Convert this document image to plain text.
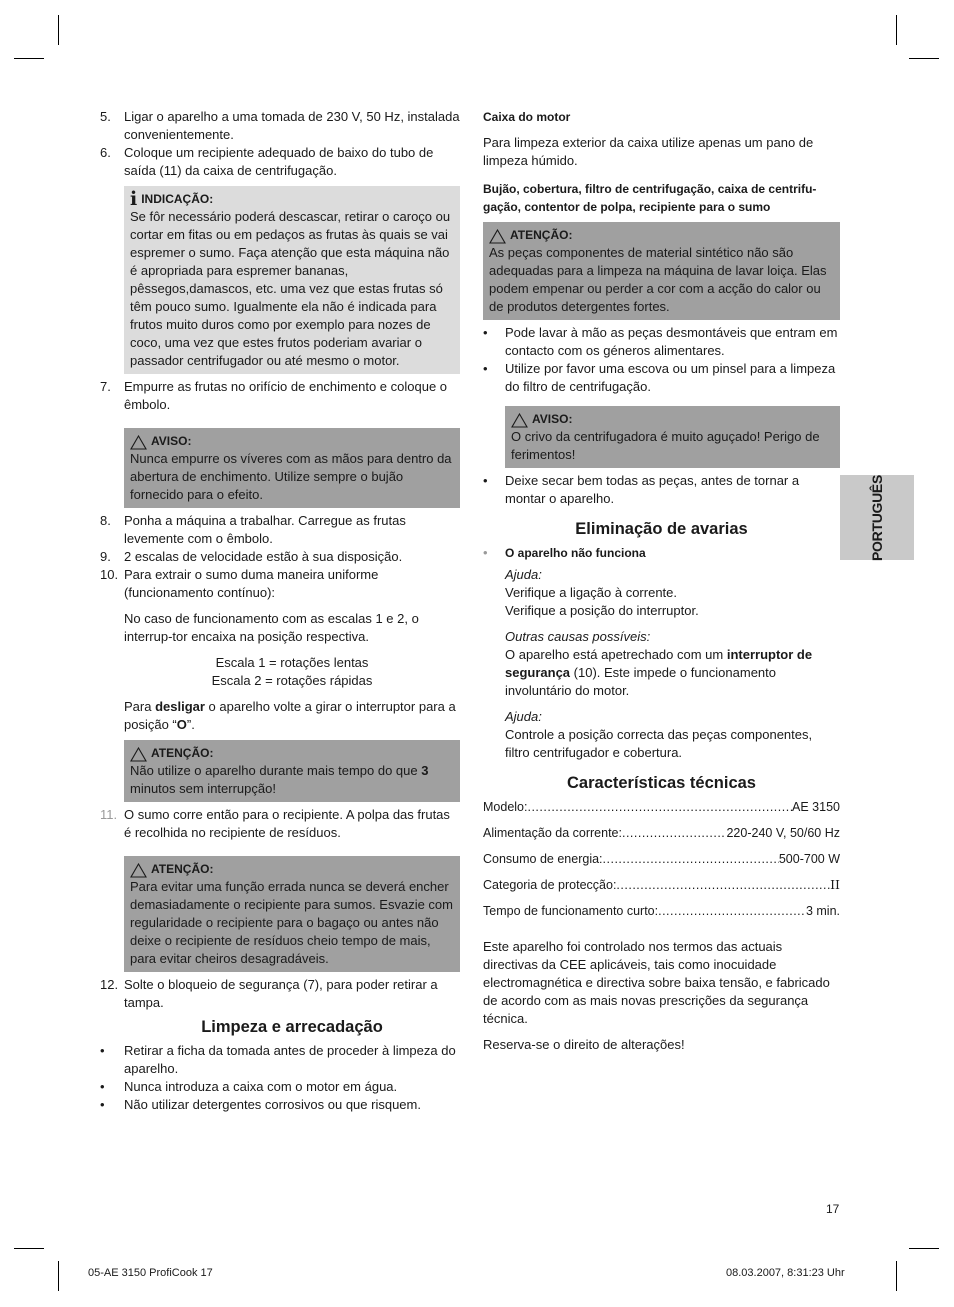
5.	Ligar o aparelho a uma tomada de 230 V, 50 Hz, instalada convenientemente.
6.	Coloque um recipiente adequado de baixo do tubo de saída (11) da caixa de centrifugação.
i INDICAÇÃO:

Se fôr necessário poderá descascar, retirar o caroço ou cortar em fitas ou em pedaços as frutas às quais se vai espremer o sumo. Faça atenção que esta máquina não é apropriada para espremer bananas, pêssegos,damascos, etc. uma vez que estas frutas só têm pouco sumo. Igualmente ela não é indicada para frutos muito duros como por exemplo para nozes de coco, uma vez que estes frutos poderiam avariar o passador centrifugador ou até mesmo o motor.

7.	Empurre as frutas no orifício de enchimento e coloque o êmbolo.
AVISO:

Nunca empurre os víveres com as mãos para dentro da abertura de enchimento. Utilize sempre o bujão fornecido para o efeito.

8.	Ponha a máquina a trabalhar. Carregue as frutas levemente com o êmbolo.
9.	2 escalas de velocidade estão à sua disposição.
10. Para extrair o sumo duma maneira uniforme (funcionamento contínuo):

No caso de funcionamento com as escalas 1 e 2, o interrup-tor encaixa na posição respectiva.

Escala 1 = rotações lentas

Escala 2 = rotações rápidas

Para desligar o aparelho volte a girar o interruptor para a posição “O”.

ATENÇÃO:

Não utilize o aparelho durante mais tempo do que 3 minutos sem interrupção!

11. O sumo corre então para o recipiente. A polpa das frutas é recolhida no recipiente de resíduos.
ATENÇÃO:

Para evitar uma função errada nunca se deverá encher demasiadamente o recipiente para sumos. Esvazie com regularidade o recipiente para o bagaço ou antes não deixe o recipiente de resíduos cheio tempo de mais, para evitar cheiros desagradáveis.

12. Solte o bloqueio de segurança (7), para poder retirar a tampa.
Limpeza e arrecadação
•	Retirar a ficha da tomada antes de proceder à limpeza do aparelho.
•	Nunca introduza a caixa com o motor em água.
•	Não utilizar detergentes corrosivos ou que risquem.

Caixa do motor

Para limpeza exterior da caixa utilize apenas um pano de limpeza húmido.

Bujão, cobertura, filtro de centrifugação, caixa de centrifu-gação, contentor de polpa, recipiente para o sumo

ATENÇÃO:

As peças componentes de material sintético não são adequadas para a limpeza na máquina de lavar loiça. Elas podem empenar ou perder a cor com a acção do calor ou de produtos detergentes fortes.

•	Pode lavar à mão as peças desmontáveis que entram em contacto com os géneros alimentares.
•	Utilize por favor uma escova ou um pinsel para a limpeza do filtro de centrifugação.
AVISO:

O crivo da centrifugadora é muito aguçado! Perigo de ferimentos!

•	Deixe secar bem todas as peças, antes de tornar a montar o aparelho.
Eliminação de avarias
•	O aparelho não funciona

Ajuda:

Verifique a ligação à corrente.

Verifique a posição do interruptor.

Outras causas possíveis:

O aparelho está apetrechado com um interruptor de segurança (10). Este impede o funcionamento involuntário do motor.

Ajuda:

Controle a posição correcta das peças componentes, filtro centrifugador e cobertura.

Características técnicas
Modelo: .....	AE 3150
Alimentação da corrente: .....	220-240 V, 50/60 Hz
Consumo de energia: .....	500-700 W
Categoria de protecção: .....	II
Tempo de funcionamento curto: .....	3 min.

Este aparelho foi controlado nos termos das actuais directivas da CEE aplicáveis, tais como inocuidade electromagnética e directiva sobre baixa tensão, e fabricado de acordo com as mais novas prescrições da segurança técnica.

Reserva-se o direito de alterações!

PORTUGUÊS
17
05-AE 3150 ProfiCook 17	08.03.2007, 8:31:23 Uhr
